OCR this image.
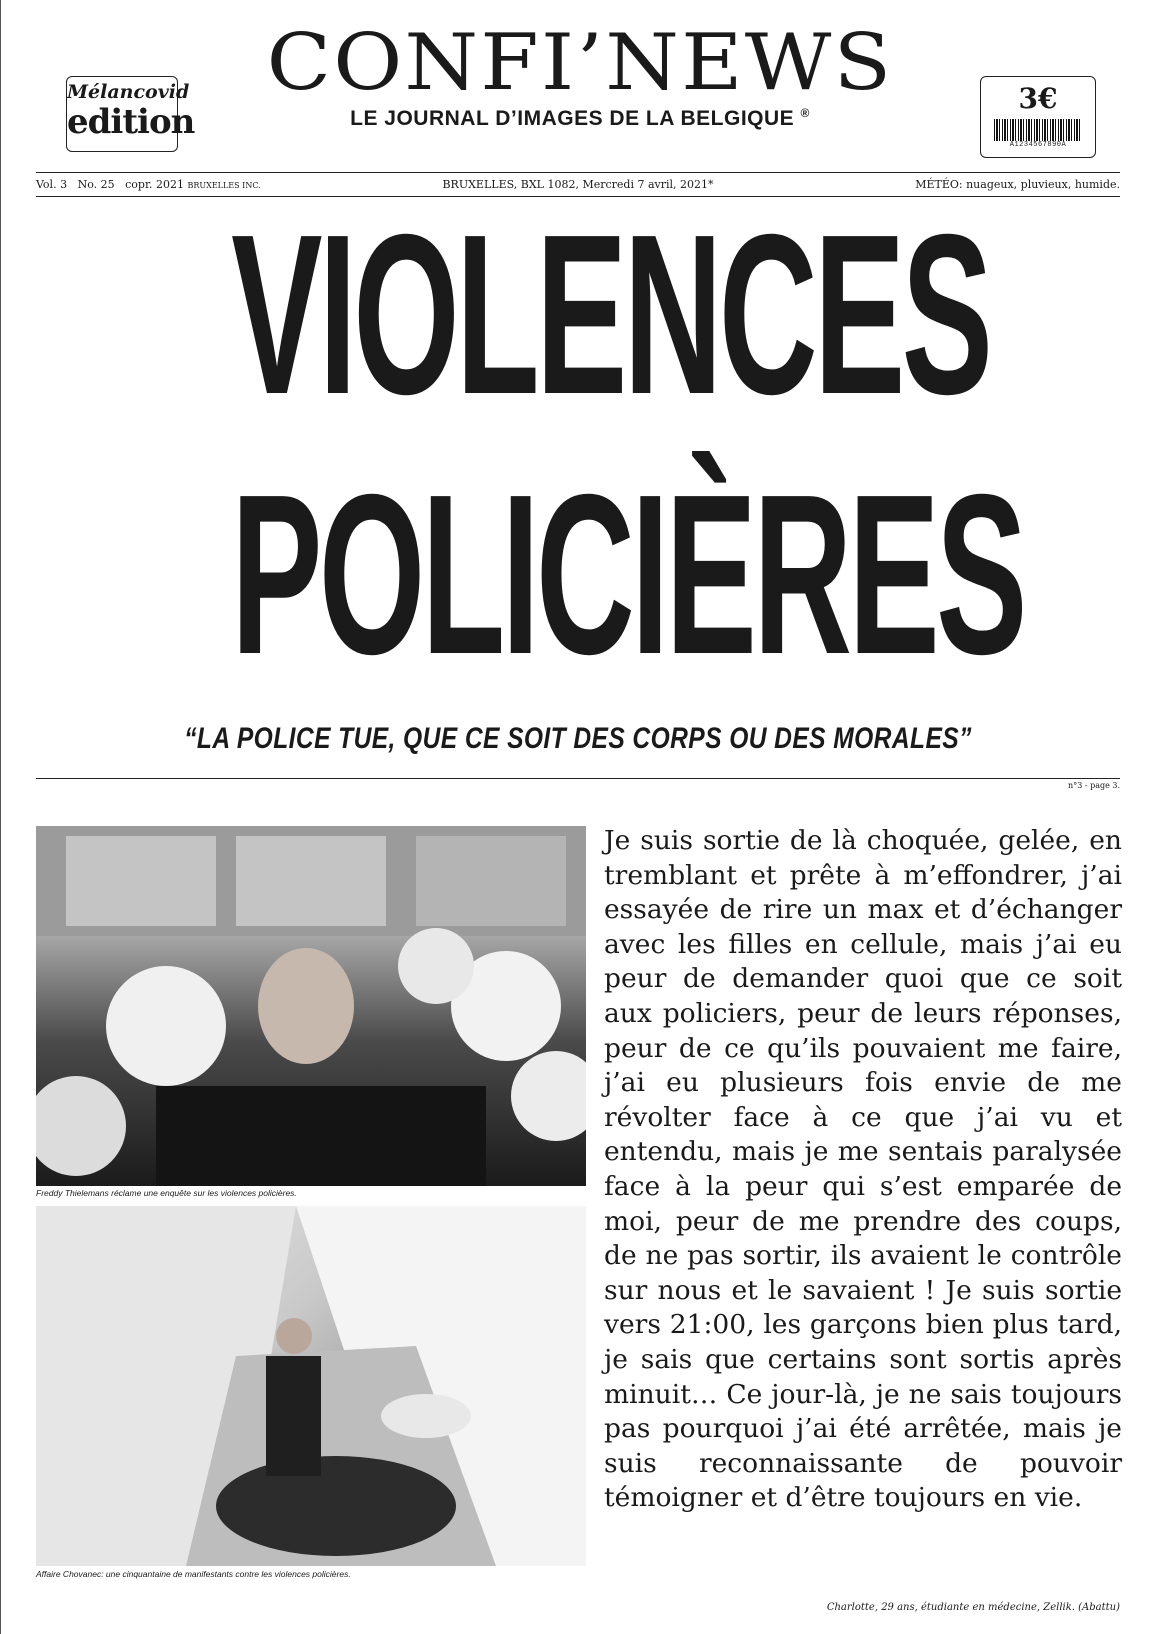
Mélancovid
edition
CONFI’NEWS
LE JOURNAL D’IMAGES DE LA BELGIQUE ®	3€
A1234567890A
Vol. 3 No. 25 copr. 2021 BRUXELLES INC.	BRUXELLES, BXL 1082, Mercredi 7 avril, 2021*	MÉTÉO: nuageux, pluvieux, humide.
VIOLENCES
POLICIÈRES
“LA POLICE TUE, QUE CE SOIT DES CORPS OU DES MORALES”
n°3 - page 3.
Freddy Thielemans réclame une enquête sur les violences policières.
Affaire Chovanec: une cinquantaine de manifestants contre les violences policières.
Je suis sortie de là choquée, gelée, en tremblant et prête à m’effondrer, j’ai essayée de rire un max et d’échanger avec les filles en cellule, mais j’ai eu peur de demander quoi que ce soit aux policiers, peur de leurs réponses, peur de ce qu’ils pouvaient me faire, j’ai eu plusieurs fois envie de me révolter face à ce que j’ai vu et entendu, mais je me sentais paralysée face à la peur qui s’est emparée de moi, peur de me prendre des coups, de ne pas sortir, ils avaient le contrôle sur nous et le savaient ! Je suis sortie vers 21:00, les garçons bien plus tard, je sais que certains sont sortis après minuit… Ce jour-là, je ne sais toujours pas pourquoi j’ai été arrêtée, mais je suis reconnaissante de pouvoir témoigner et d’être toujours en vie.
Charlotte, 29 ans, étudiante en médecine, Zellik. (Abattu)
